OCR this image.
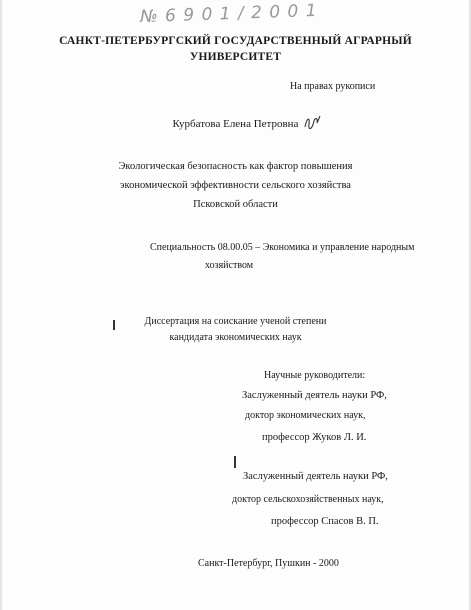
№ 6 9 0 1 / 2 0 0 1
САНКТ-ПЕТЕРБУРГСКИЙ ГОСУДАРСТВЕННЫЙ АГРАРНЫЙ
УНИВЕРСИТЕТ
На правах рукописи
Курбатова Елена Петровна
Экологическая безопасность как фактор повышения
экономической эффективности сельского хозяйства
Псковской области
Специальность 08.00.05 – Экономика и управление народным
хозяйством
Диссертация на соискание ученой степени
кандидата экономических наук
Научные руководители:
Заслуженный деятель науки РФ,
доктор экономических наук,
профессор Жуков Л. И.
Заслуженный деятель науки РФ,
доктор сельскохозяйственных наук,
профессор Спасов В. П.
Санкт-Петербург, Пушкин - 2000
